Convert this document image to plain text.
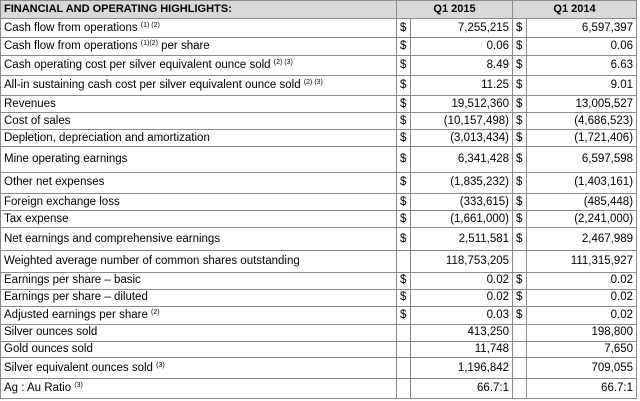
FINANCIAL AND OPERATING HIGHLIGHTS:	Q1 2015		Q1 2014	
Cash flow from operations $^{(1) (2)}$	$	7,255,215	$	6,597,397
Cash flow from operations $^{(1)(2)}$ per share	$	0.06	$	0.06
Cash operating cost per silver equivalent ounce sold $^{(2) (3)}$	$	8.49	$	6.63
All-in sustaining cash cost per silver equivalent ounce sold $^{(2) (3)}$	$	11.25	$	9.01
Revenues	$	19,512,360	$	13,005,527
Cost of sales	$	(10,157,498)	$	(4,686,523)
Depletion, depreciation and amortization	$	(3,013,434)	$	(1,721,406)
Mine operating earnings	$	6,341,428	$	6,597,598
Other net expenses	$	(1,835,232)	$	(1,403,161)
Foreign exchange loss	$	(333,615)	$	(485,448)
Tax expense	$	(1,661,000)	$	(2,241,000)
Net earnings and comprehensive earnings	$	2,511,581	$	2,467,989
Weighted average number of common shares outstanding		118,753,205		111,315,927
Earnings per share – basic	$	0.02	$	0.02
Earnings per share – diluted	$	0.02	$	0.02
Adjusted earnings per share $^{(2)}$	$	0.03	$	0.02
Silver ounces sold		413,250		198,800
Gold ounces sold		11,748		7,650
Silver equivalent ounces sold $^{(3)}$		1,196,842		709,055
Ag : Au Ratio $^{(3)}$		66.7:1		66.7:1
